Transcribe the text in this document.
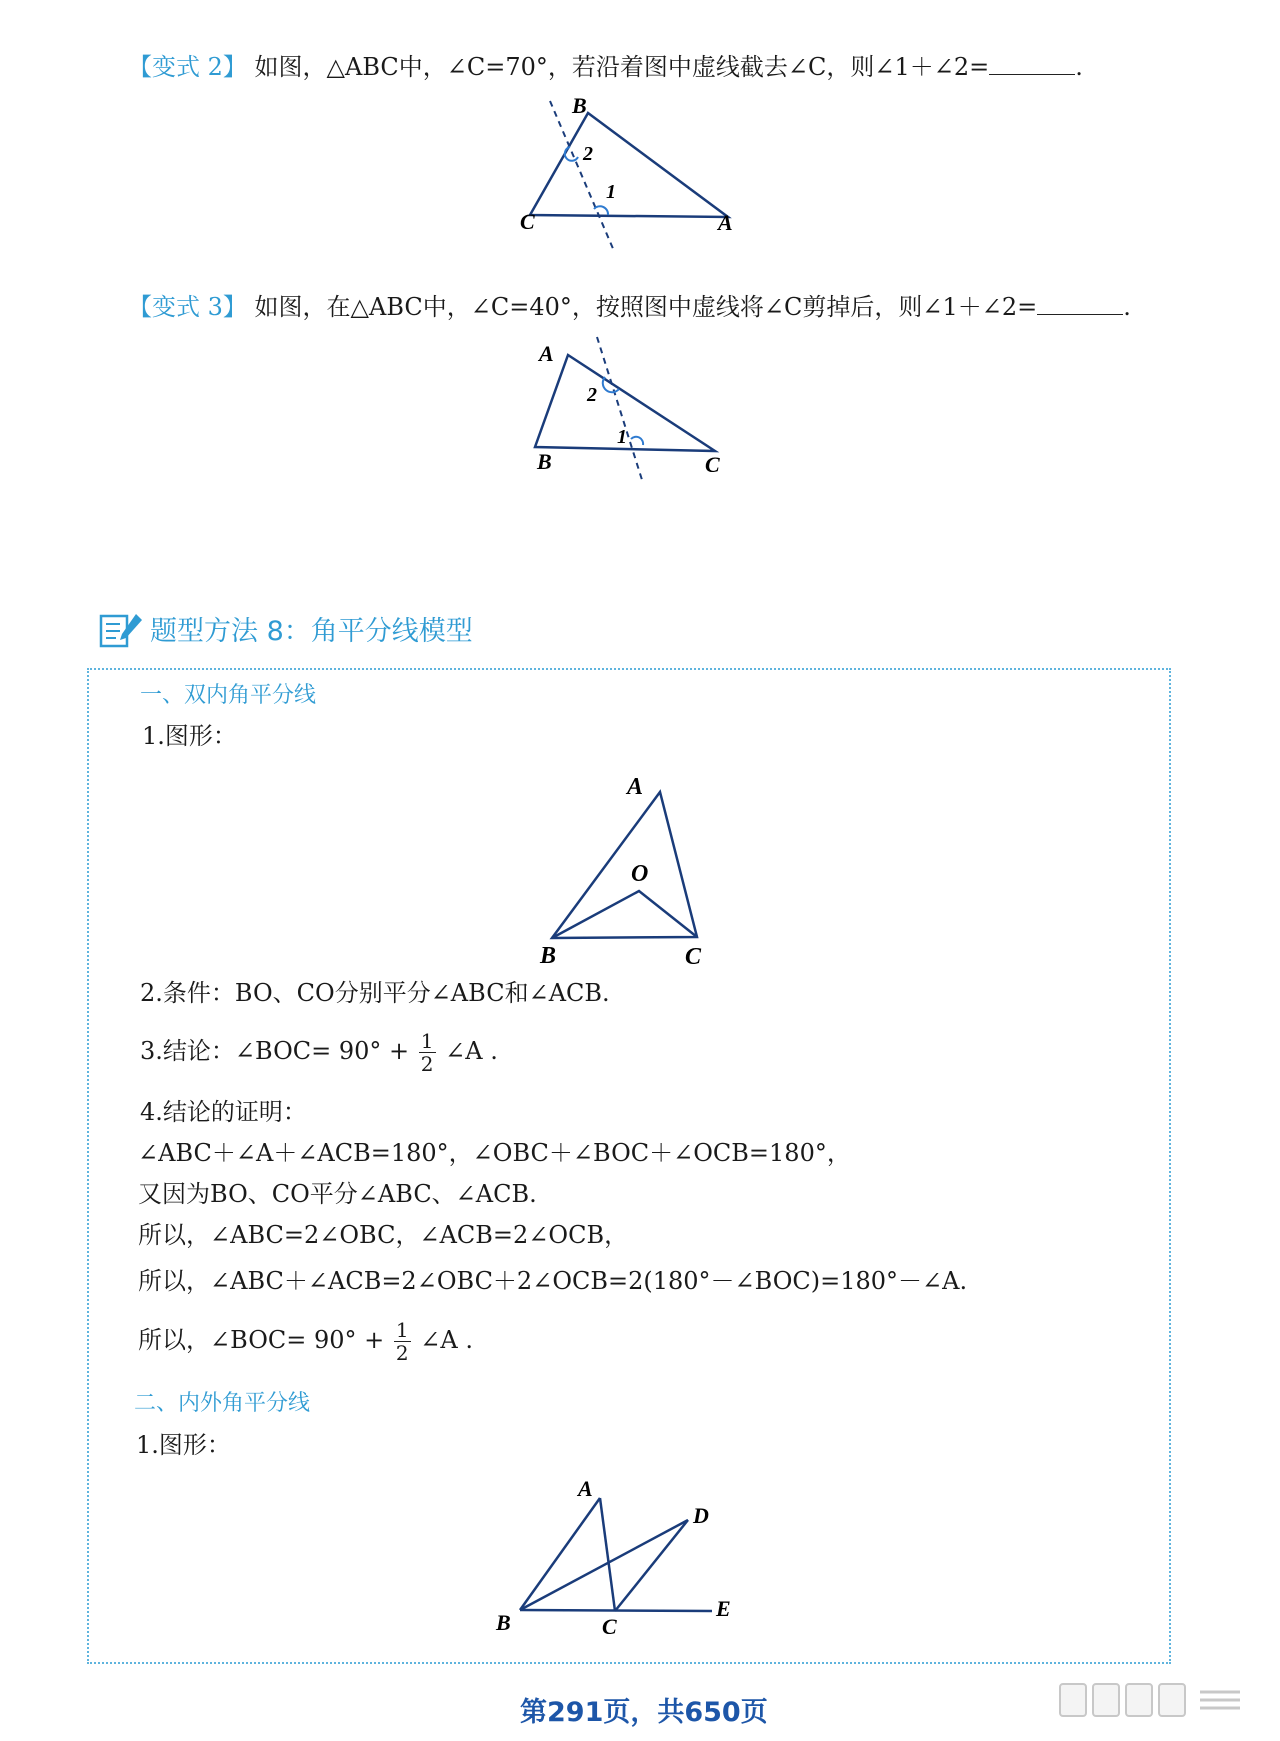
【变式 2】 如图，△ABC中，∠C=70°，若沿着图中虚线截去∠C，则∠1＋∠2=	.
B
2
1
C	A
【变式 3】 如图，在△ABC中，∠C=40°，按照图中虚线将∠C剪掉后，则∠1＋∠2=	.
A
2
1
B	C
题型方法 8：角平分线模型
一、双内角平分线
1.图形：
A
O
B	C
2.条件：BO、CO分别平分∠ABC和∠ACB.
3.结论：∠BOC= $90^\circ + \frac{1}{2}$ ∠A .
4.结论的证明：
∠ABC＋∠A＋∠ACB=180°，∠OBC＋∠BOC＋∠OCB=180°，
又因为BO、CO平分∠ABC、∠ACB.
所以，∠ABC=2∠OBC，∠ACB=2∠OCB，
所以，∠ABC＋∠ACB=2∠OBC＋2∠OCB=2(180°－∠BOC)=180°－∠A.
所以，∠BOC= $90^\circ + \frac{1}{2}$ ∠A .
二、内外角平分线
1.图形：
A
D
B	C
E
第291页，共650页
